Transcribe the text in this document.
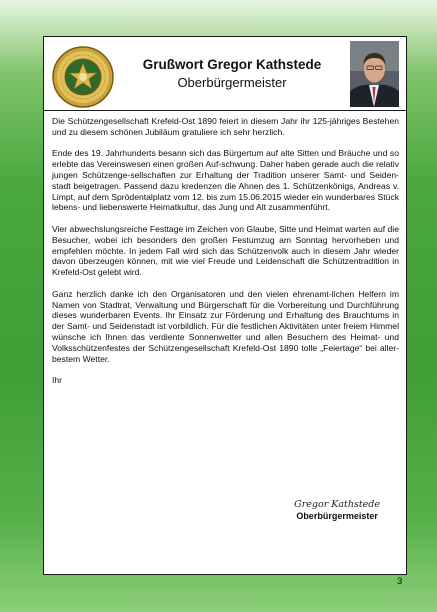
Grußwort Gregor Kathstede
Oberbürgermeister

Die Schützengesellschaft Krefeld-Ost 1890 feiert in diesem Jahr ihr 125-jähriges Bestehen und zu diesem schönen Jubiläum gratuliere ich sehr herzlich.

Ende des 19. Jahrhunderts besann sich das Bürgertum auf alte Sitten und Bräuche und so erlebte das Vereinswesen einen großen Auf-schwung. Daher haben gerade auch die relativ jungen Schützenge-sellschaften zur Erhaltung der Tradition unserer Samt- und Seiden-stadt beigetragen. Passend dazu kredenzen die Ahnen des 1. Schützenkönigs, Andreas v. Limpt, auf dem Sprödentalplatz vom 12. bis zum 15.06.2015 wieder ein wunderbares Stück lebens- und liebenswerte Heimatkultur, das Jung und Alt zusammenführt.

Vier abwechslungsreiche Festtage im Zeichen von Glaube, Sitte und Heimat warten auf die Besucher, wobei ich besonders den großen Festumzug am Sonntag hervorheben und empfehlen möchte. In jedem Fall wird sich das Schützenvolk auch in diesem Jahr wieder davon überzeugen können, mit wie viel Freude und Leidenschaft die Schützentradition in Krefeld-Ost gelebt wird.

Ganz herzlich danke ich den Organisatoren und den vielen ehrenamt-lichen Helfern im Namen von Stadtrat, Verwaltung und Bürgerschaft für die Vorbereitung und Durchführung dieses wunderbaren Events. Ihr Einsatz zur Förderung und Erhaltung des Brauchtums in der Samt- und Seidenstadt ist vorbildlich. Für die festlichen Aktivitäten unter freiem Himmel wünsche ich Ihnen das verdiente Sonnenwetter und allen Besuchern des Heimat- und Volksschützenfestes der Schützengesellschaft Krefeld-Ost 1890 tolle „Feiertage“ bei aller-bestem Wetter.

Ihr

Gregor Kathstede
Oberbürgermeister
3
